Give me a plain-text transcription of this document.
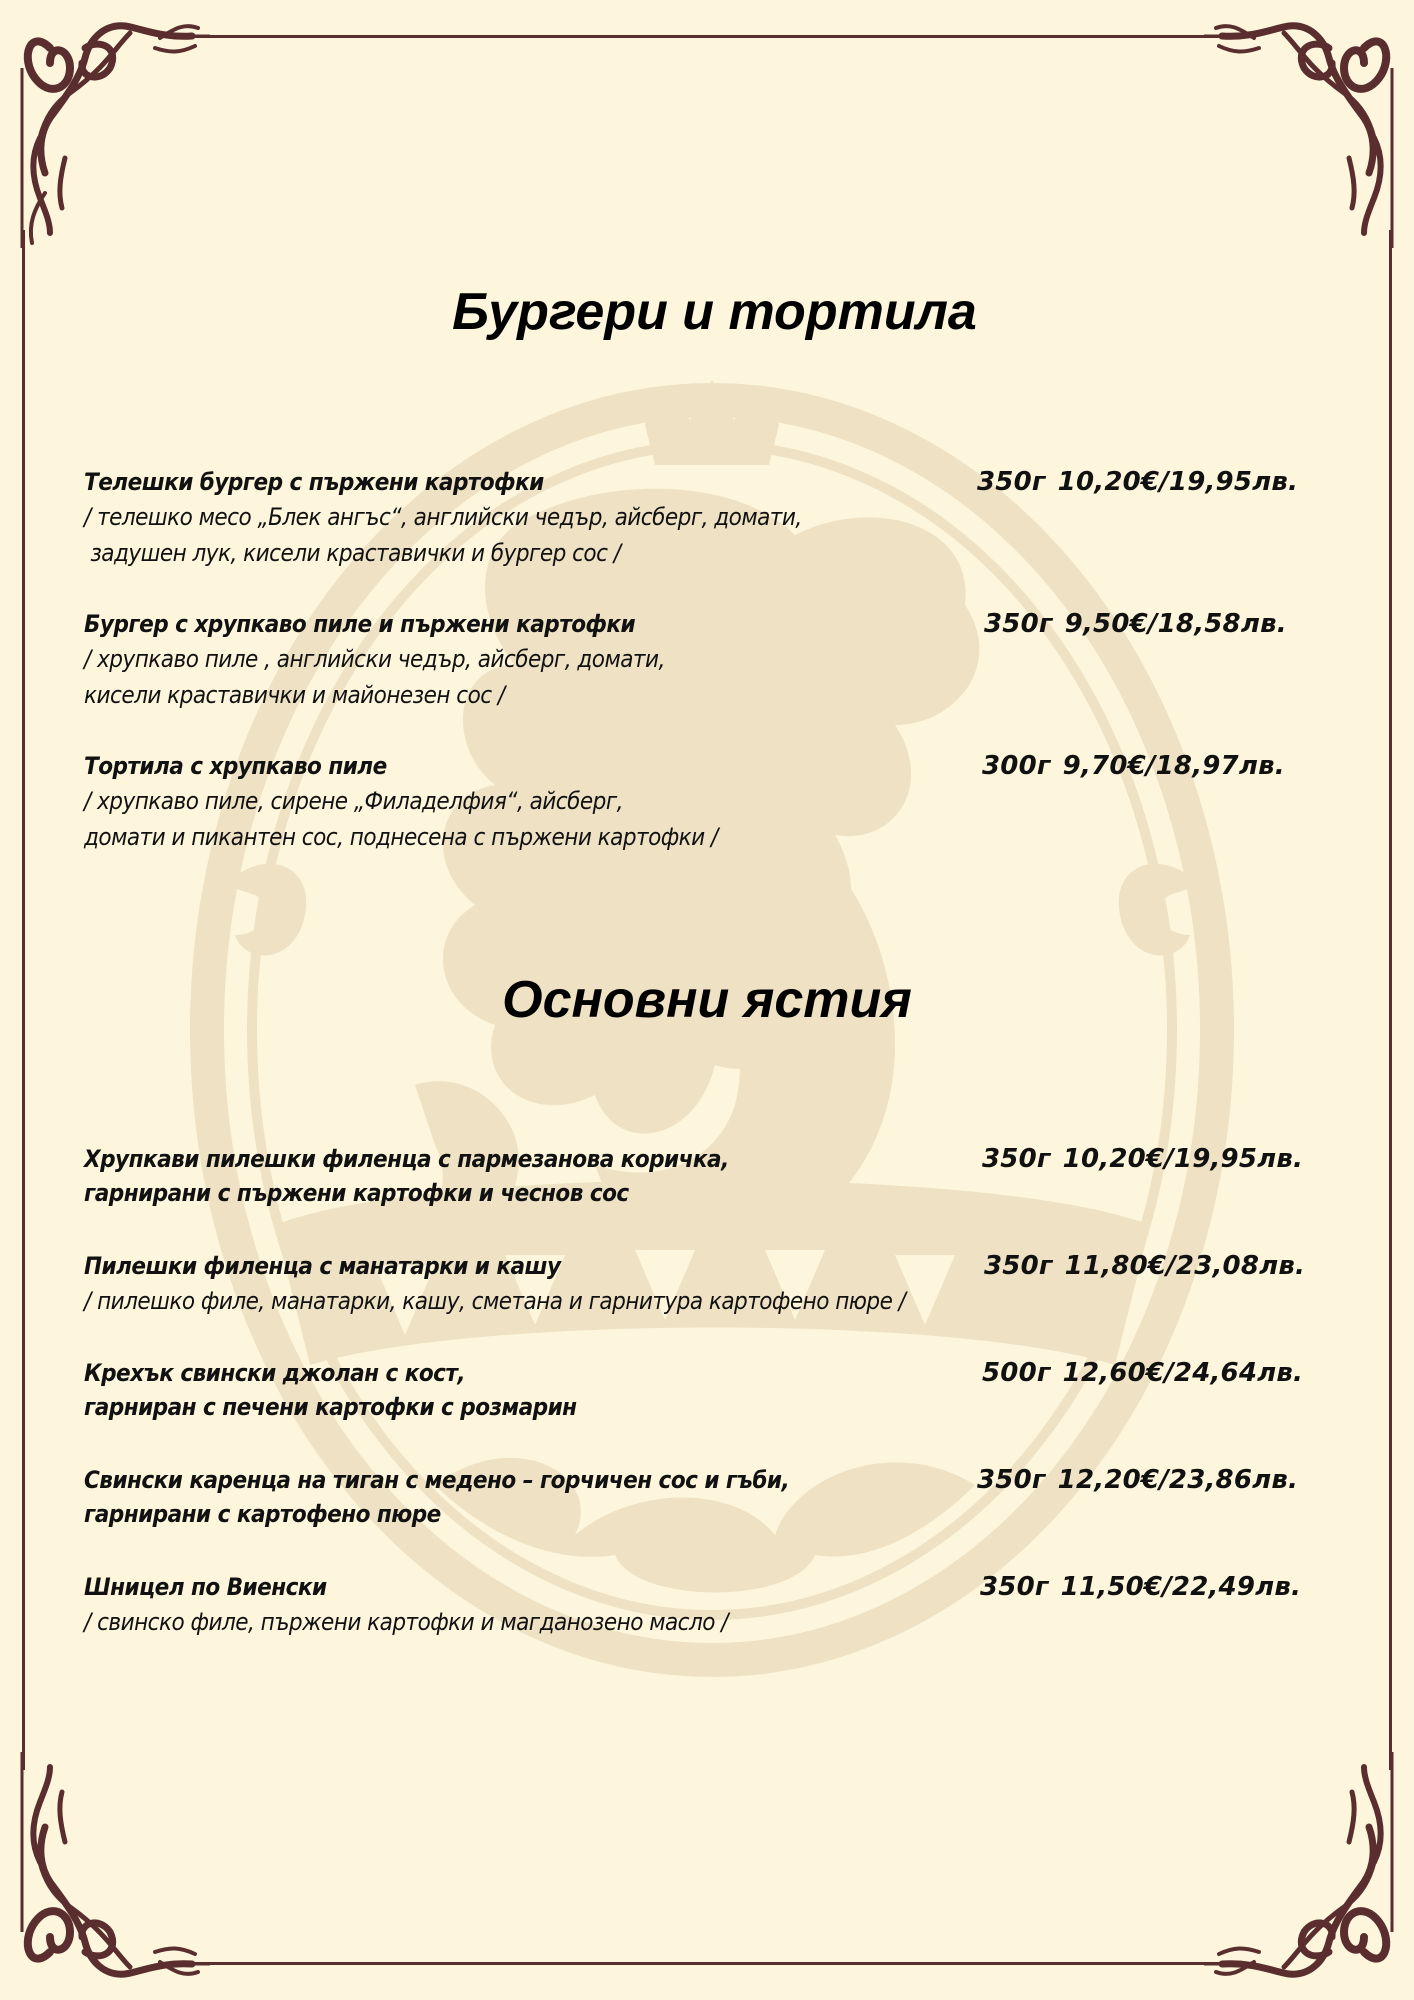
Бургери и тортила
Телешки бургер с пържени картофки	350г 10,20€/19,95лв.
/ телешко месо „Блек ангъс“, английски чедър, айсберг, домати,
задушен лук, кисели краставички и бургер сос /
Бургер с хрупкаво пиле и пържени картофки	350г 9,50€/18,58лв.
/ хрупкаво пиле , английски чедър, айсберг, домати,
кисели краставички и майонезен сос /
Тортила с хрупкаво пиле	300г 9,70€/18,97лв.
/ хрупкаво пиле, сирене „Филаделфия“, айсберг,
домати и пикантен сос, поднесена с пържени картофки /
Основни ястия
Хрупкави пилешки филенца с пармезанова коричка,	350г 10,20€/19,95лв.
гарнирани с пържени картофки и чеснов сос
Пилешки филенца с манатарки и кашу	350г 11,80€/23,08лв.
/ пилешко филе, манатарки, кашу, сметана и гарнитура картофено пюре /
Крехък свински джолан с кост,	500г 12,60€/24,64лв.
гарниран с печени картофки с розмарин
Свински каренца на тиган с медено – горчичен сос и гъби,	350г 12,20€/23,86лв.
гарнирани с картофено пюре
Шницел по Виенски	350г 11,50€/22,49лв.
/ свинско филе, пържени картофки и магданозено масло /
